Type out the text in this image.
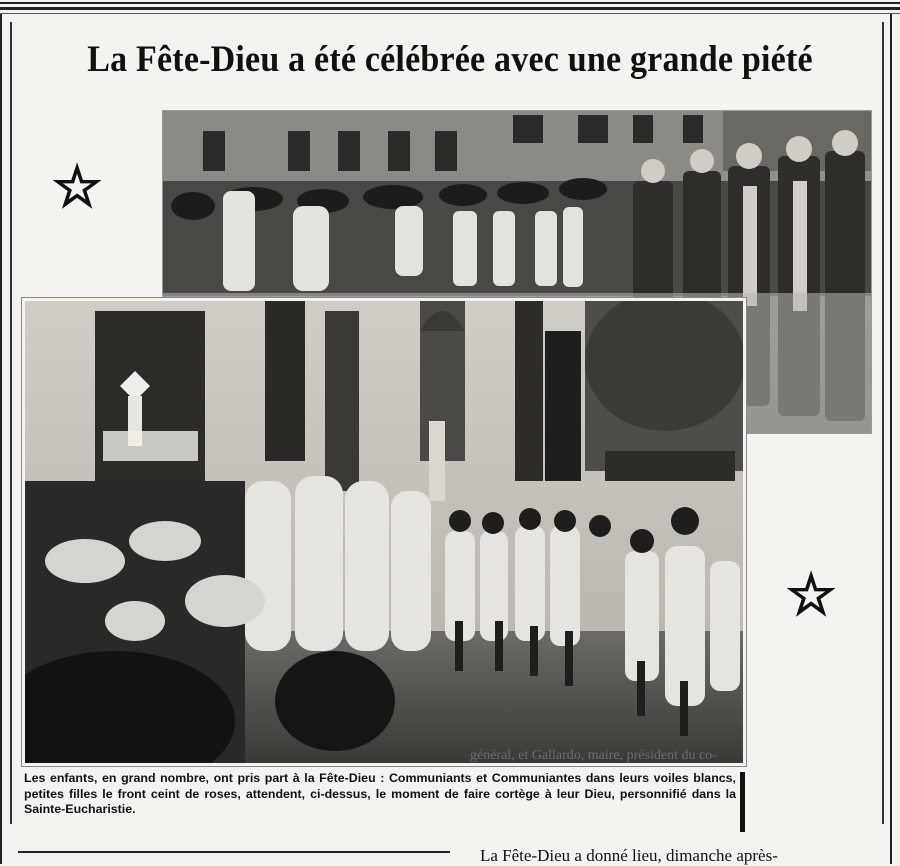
La Fête-Dieu a été célébrée avec une grande piété
☆
☆
général, et Gallardo, maire, président du co-

Les enfants, en grand nombre, ont pris part à la Fête-Dieu : Communiants et Communiantes dans leurs voiles blancs, petites filles le front ceint de roses, attendent, ci-dessus, le moment de faire cortège à leur Dieu, personnifié dans la Sainte-Eucharistie.

La Fête-Dieu a donné lieu, dimanche après-
